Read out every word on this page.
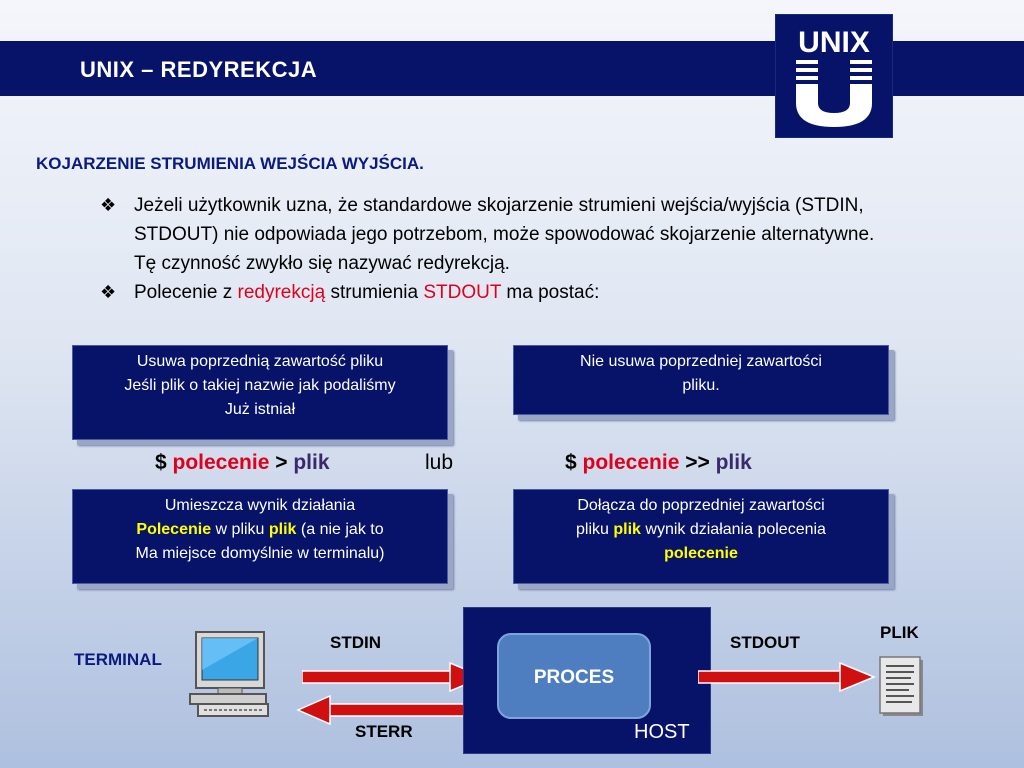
UNIX – REDYREKCJA
UNIX
KOJARZENIE STRUMIENIA WEJŚCIA WYJŚCIA.
❖ Jeżeli użytkownik uzna, że standardowe skojarzenie strumieni wejścia/wyjścia (STDIN, STDOUT) nie odpowiada jego potrzebom, może spowodować skojarzenie alternatywne. Tę czynność zwykło się nazywać redyrekcją.
❖ Polecenie z redyrekcją strumienia STDOUT ma postać:
Usuwa poprzednią zawartość pliku
Jeśli plik o takiej nazwie jak podaliśmy
Już istniał
Nie usuwa poprzedniej zawartości
pliku.
$ polecenie > plik	lub	$ polecenie >> plik
Umieszcza wynik działania
Polecenie w pliku plik (a nie jak to
Ma miejsce domyślnie w terminalu)
Dołącza do poprzedniej zawartości
pliku plik wynik działania polecenia
polecenie
TERMINAL
STDIN
STERR
PROCES
HOST
STDOUT
PLIK
